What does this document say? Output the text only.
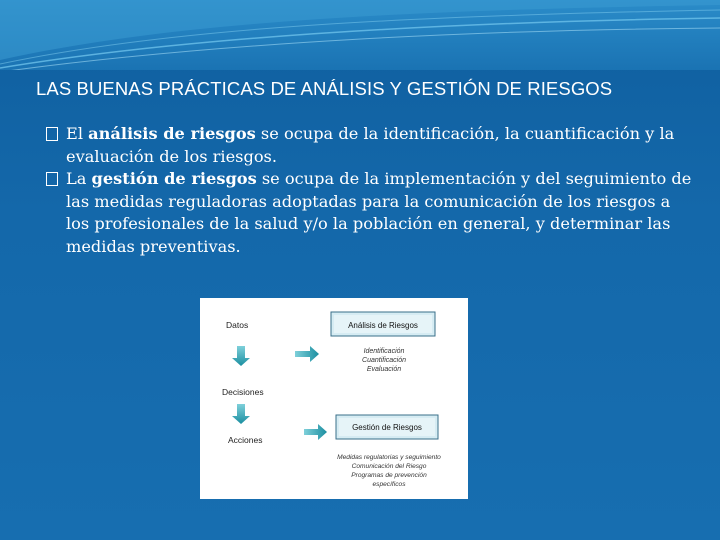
LAS BUENAS PRÁCTICAS DE ANÁLISIS Y GESTIÓN DE RIESGOS
El análisis de riesgos se ocupa de la identificación, la cuantificación y la evaluación de los riesgos.
La gestión de riesgos se ocupa de la implementación y del seguimiento de las medidas reguladoras adoptadas para la comunicación de los riesgos a los profesionales de la salud y/o la población en general, y determinar las medidas preventivas.
Datos
Decisiones
Acciones
Análisis de Riesgos
Identificación
Cuantificación
Evaluación
Gestión de Riesgos
Medidas regulatorias y seguimiento
Comunicación del Riesgo
Programas de prevención
específicos
